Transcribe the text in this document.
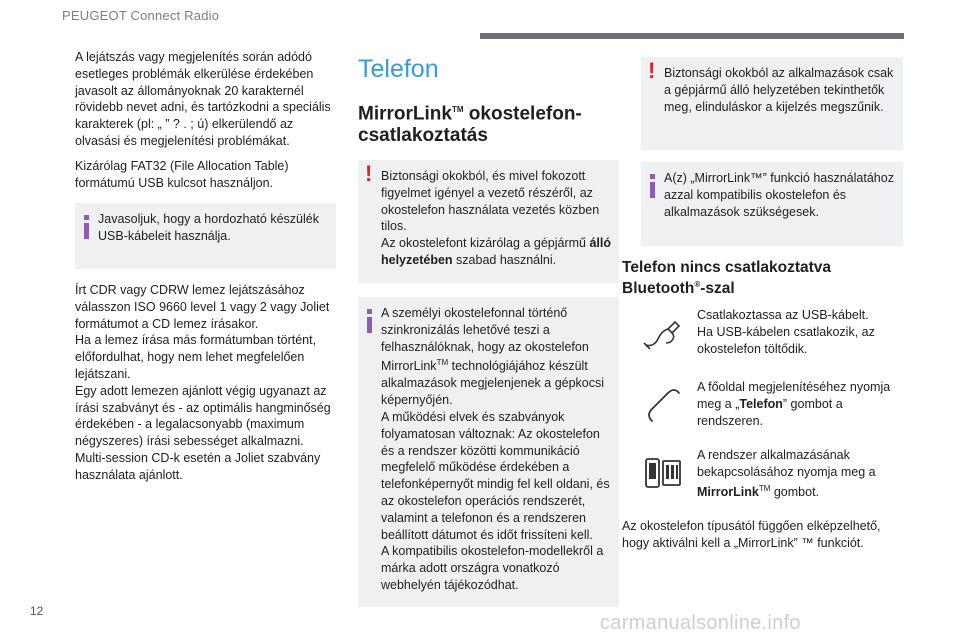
PEUGEOT Connect Radio

A lejátszás vagy megjelenítés során adódó esetleges problémák elkerülése érdekében javasolt az állományoknak 20 karakternél rövidebb nevet adni, és tartózkodni a speciális karakterek (pl: „ ” ? . ; ú) elkerülendő az olvasási és megjelenítési problémákat.

Kizárólag FAT32 (File Allocation Table) formátumú USB kulcsot használjon.

Javasoljuk, hogy a hordozható készülék USB-kábeleit használja.
Írt CDR vagy CDRW lemez lejátszásához válasszon ISO 9660 level 1 vagy 2 vagy Joliet formátumot a CD lemez írásakor.
Ha a lemez írása más formátumban történt, előfordulhat, hogy nem lehet megfelelően lejátszani.
Egy adott lemezen ajánlott végig ugyanazt az írási szabványt és - az optimális hangminőség érdekében - a legalacsonyabb (maximum négyszeres) írási sebességet alkalmazni.
Multi-session CD-k esetén a Joliet szabvány használata ajánlott.
Telefon
MirrorLink™ okostelefon-csatlakoztatás
! Biztonsági okokból, és mivel fokozott figyelmet igényel a vezető részéről, az okostelefon használata vezetés közben tilos.
Az okostelefont kizárólag a gépjármű álló helyzetében szabad használni.
A személyi okostelefonnal történő szinkronizálás lehetővé teszi a felhasználóknak, hogy az okostelefon MirrorLink™ technológiájához készült alkalmazások megjelenjenek a gépkocsi képernyőjén.
A működési elvek és szabványok folyamatosan változnak: Az okostelefon és a rendszer közötti kommunikáció megfelelő működése érdekében a telefonképernyőt mindig fel kell oldani, és az okostelefon operációs rendszerét, valamint a telefonon és a rendszeren beállított dátumot és időt frissíteni kell.
A kompatibilis okostelefon-modellekről a márka adott országra vonatkozó webhelyén tájékozódhat.
! Biztonsági okokból az alkalmazások csak a gépjármű álló helyzetében tekinthetők meg, elinduláskor a kijelzés megszűnik.
A(z) „MirrorLink™” funkció használatához azzal kompatibilis okostelefon és alkalmazások szükségesek.
Telefon nincs csatlakoztatva Bluetooth®-szal
Csatlakoztassa az USB-kábelt.
Ha USB-kábelen csatlakozik, az okostelefon töltődik.
A főoldal megjelenítéséhez nyomja meg a „Telefon” gombot a rendszeren.
A rendszer alkalmazásának bekapcsolásához nyomja meg a MirrorLink™ gombot.
Az okostelefon típusától függően elképzelhető, hogy aktiválni kell a „MirrorLink” ™ funkciót.
12
carmanualsonline.info
